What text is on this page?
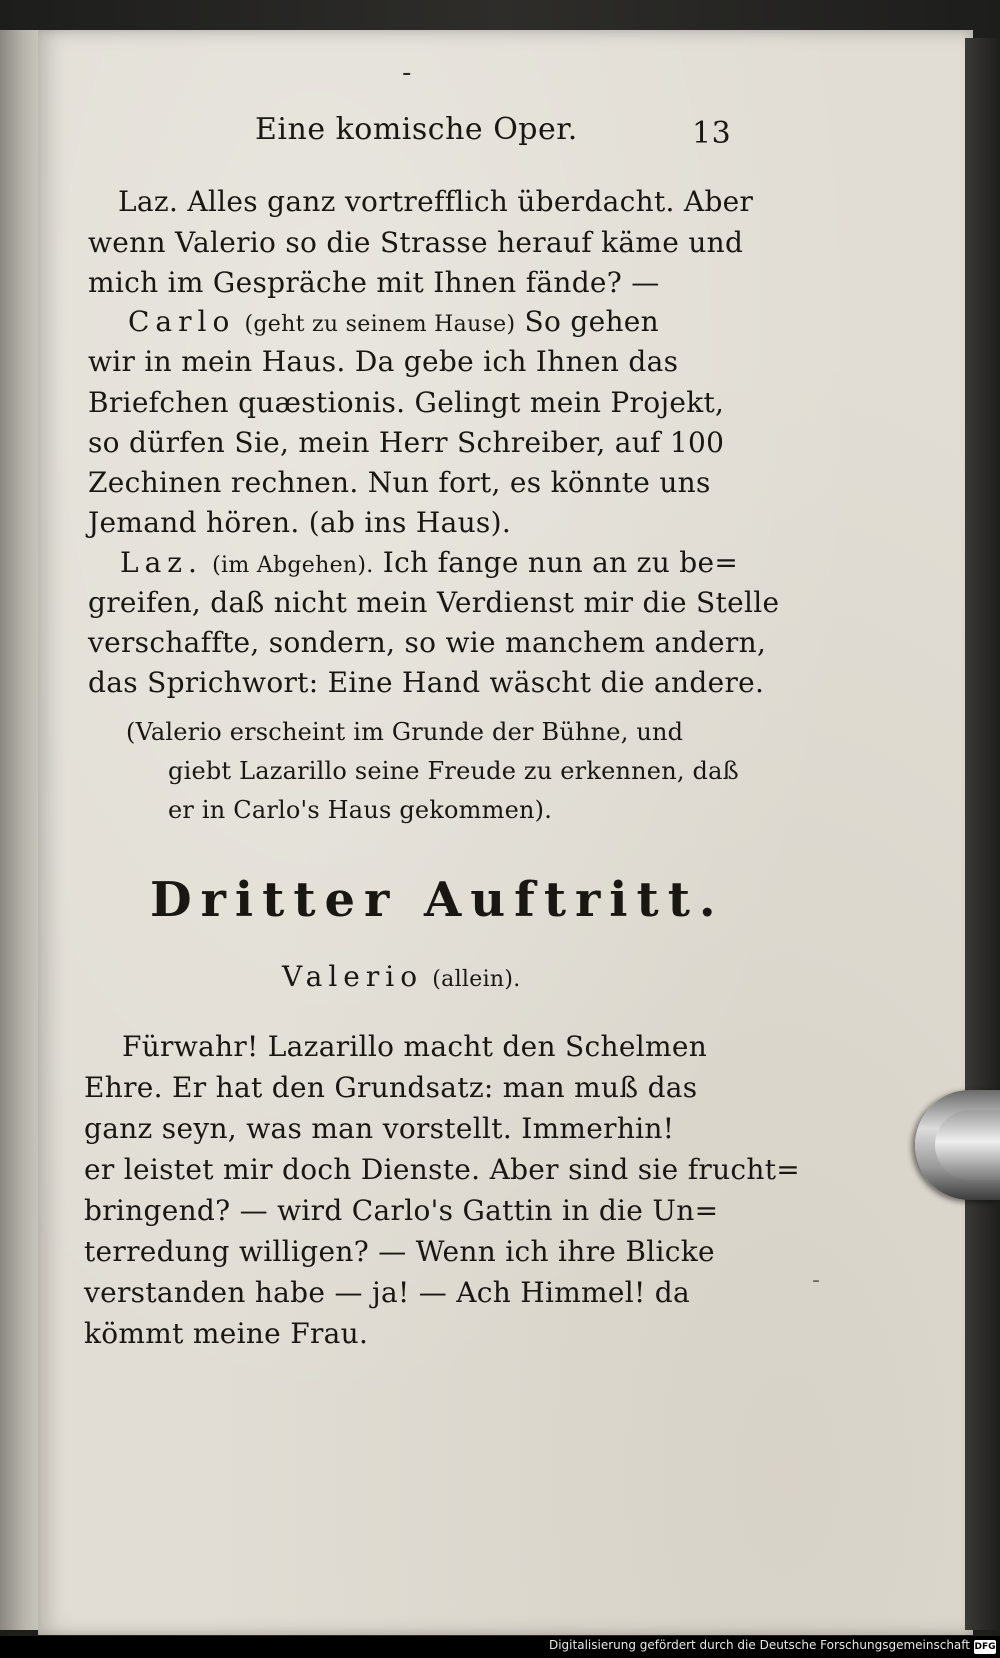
-
Eine komische Oper.	13
Laz. Alles ganz vortrefflich überdacht. Aber
wenn Valerio so die Strasse herauf käme und
mich im Gespräche mit Ihnen fände? —
Carlo (geht zu seinem Hause) So gehen
wir in mein Haus. Da gebe ich Ihnen das
Briefchen quæstionis. Gelingt mein Projekt,
so dürfen Sie, mein Herr Schreiber, auf 100
Zechinen rechnen. Nun fort, es könnte uns
Jemand hören. (ab ins Haus).
Laz. (im Abgehen). Ich fange nun an zu be=
greifen, daß nicht mein Verdienst mir die Stelle
verschaffte, sondern, so wie manchem andern,
das Sprichwort: Eine Hand wäscht die andere.
(Valerio erscheint im Grunde der Bühne, und
giebt Lazarillo seine Freude zu erkennen, daß
er in Carlo's Haus gekommen).
Dritter Auftritt.
Valerio (allein).
Fürwahr! Lazarillo macht den Schelmen
Ehre. Er hat den Grundsatz: man muß das
ganz seyn, was man vorstellt. Immerhin!
er leistet mir doch Dienste. Aber sind sie frucht=
bringend? — wird Carlo's Gattin in die Un=
terredung willigen? — Wenn ich ihre Blicke
verstanden habe — ja! — Ach Himmel! da
kömmt meine Frau.
-
Digitalisierung gefördert durch die Deutsche Forschungsgemeinschaft DFG
